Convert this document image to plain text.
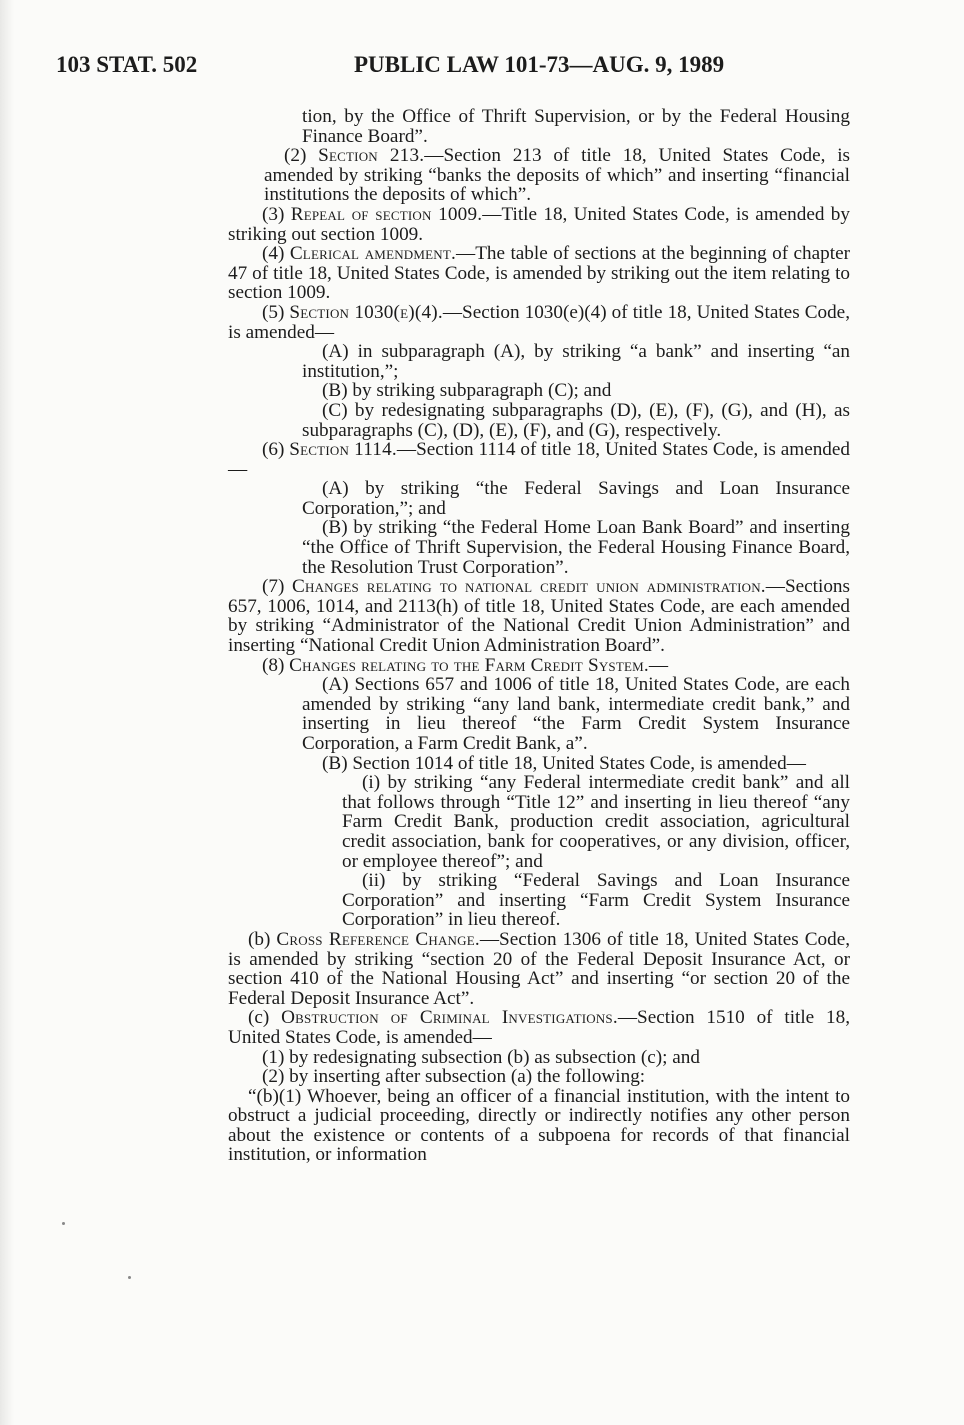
103 STAT. 502	PUBLIC LAW 101-73—AUG. 9, 1989

tion, by the Office of Thrift Supervision, or by the Federal Housing Finance Board”.

(2) Section 213.—Section 213 of title 18, United States Code, is amended by striking “banks the deposits of which” and inserting “financial institutions the deposits of which”.

(3) Repeal of section 1009.—Title 18, United States Code, is amended by striking out section 1009.

(4) Clerical amendment.—The table of sections at the beginning of chapter 47 of title 18, United States Code, is amended by striking out the item relating to section 1009.

(5) Section 1030(e)(4).—Section 1030(e)(4) of title 18, United States Code, is amended—

(A) in subparagraph (A), by striking “a bank” and inserting “an institution,”;

(B) by striking subparagraph (C); and

(C) by redesignating subparagraphs (D), (E), (F), (G), and (H), as subparagraphs (C), (D), (E), (F), and (G), respectively.

(6) Section 1114.—Section 1114 of title 18, United States Code, is amended—

(A) by striking “the Federal Savings and Loan Insurance Corporation,”; and

(B) by striking “the Federal Home Loan Bank Board” and inserting “the Office of Thrift Supervision, the Federal Housing Finance Board, the Resolution Trust Corporation”.

(7) Changes relating to national credit union administration.—Sections 657, 1006, 1014, and 2113(h) of title 18, United States Code, are each amended by striking “Administrator of the National Credit Union Administration” and inserting “National Credit Union Administration Board”.

(8) Changes relating to the Farm Credit System.—

(A) Sections 657 and 1006 of title 18, United States Code, are each amended by striking “any land bank, intermediate credit bank,” and inserting in lieu thereof “the Farm Credit System Insurance Corporation, a Farm Credit Bank, a”.

(B) Section 1014 of title 18, United States Code, is amended—

(i) by striking “any Federal intermediate credit bank” and all that follows through “Title 12” and inserting in lieu thereof “any Farm Credit Bank, production credit association, agricultural credit association, bank for cooperatives, or any division, officer, or employee thereof”; and

(ii) by striking “Federal Savings and Loan Insurance Corporation” and inserting “Farm Credit System Insurance Corporation” in lieu thereof.

(b) Cross Reference Change.—Section 1306 of title 18, United States Code, is amended by striking “section 20 of the Federal Deposit Insurance Act, or section 410 of the National Housing Act” and inserting “or section 20 of the Federal Deposit Insurance Act”.

(c) Obstruction of Criminal Investigations.—Section 1510 of title 18, United States Code, is amended—

(1) by redesignating subsection (b) as subsection (c); and

(2) by inserting after subsection (a) the following:

“(b)(1) Whoever, being an officer of a financial institution, with the intent to obstruct a judicial proceeding, directly or indirectly notifies any other person about the existence or contents of a subpoena for records of that financial institution, or information
